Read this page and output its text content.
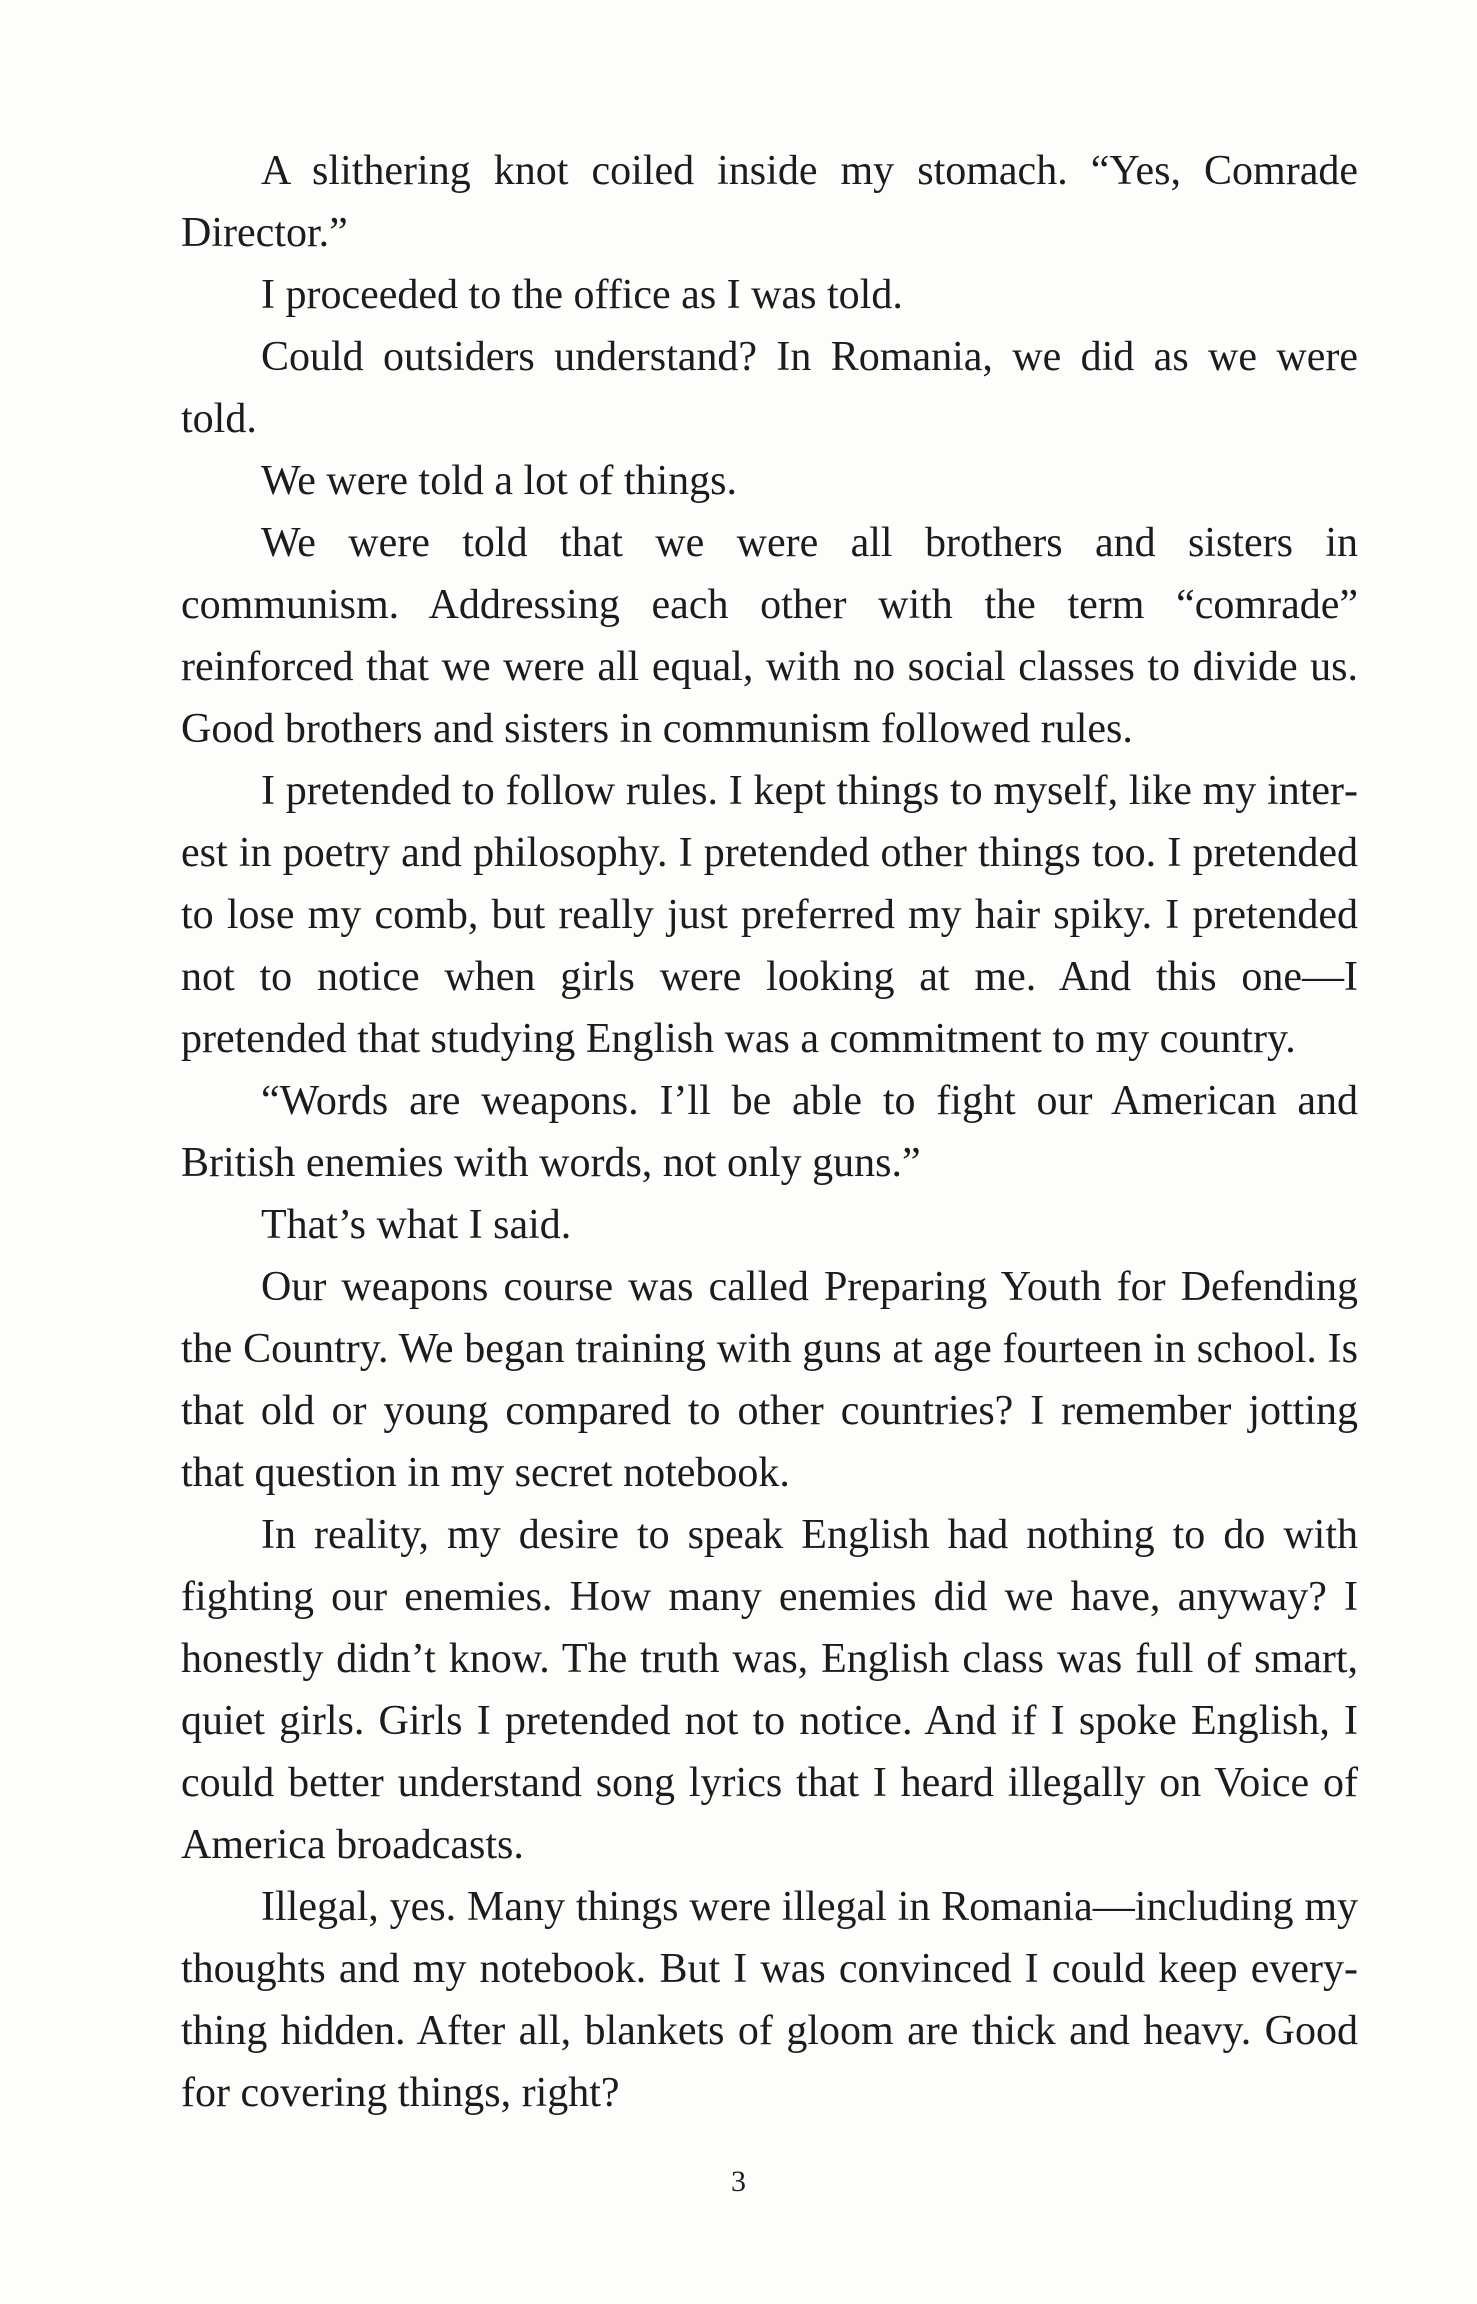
A slithering knot coiled inside my stomach. “Yes, Comrade Director.”

I proceeded to the office as I was told.

Could outsiders understand? In Romania, we did as we were told.

We were told a lot of things.

We were told that we were all brothers and sisters in communism. Addressing each other with the term “comrade” reinforced that we were all equal, with no social classes to divide us. Good brothers and sisters in communism followed rules.

I pretended to follow rules. I kept things to myself, like my interest in poetry and philosophy. I pretended other things too. I pretended to lose my comb, but really just preferred my hair spiky. I pretended not to notice when girls were looking at me. And this one—I pretended that studying English was a commitment to my country.

“Words are weapons. I’ll be able to fight our American and British enemies with words, not only guns.”

That’s what I said.

Our weapons course was called Preparing Youth for Defending the Country. We began training with guns at age fourteen in school. Is that old or young compared to other countries? I remember jotting that question in my secret notebook.

In reality, my desire to speak English had nothing to do with fighting our enemies. How many enemies did we have, anyway? I honestly didn’t know. The truth was, English class was full of smart, quiet girls. Girls I pretended not to notice. And if I spoke English, I could better understand song lyrics that I heard illegally on Voice of America broadcasts.

Illegal, yes. Many things were illegal in Romania—including my thoughts and my notebook. But I was convinced I could keep everything hidden. After all, blankets of gloom are thick and heavy. Good for covering things, right?

3
